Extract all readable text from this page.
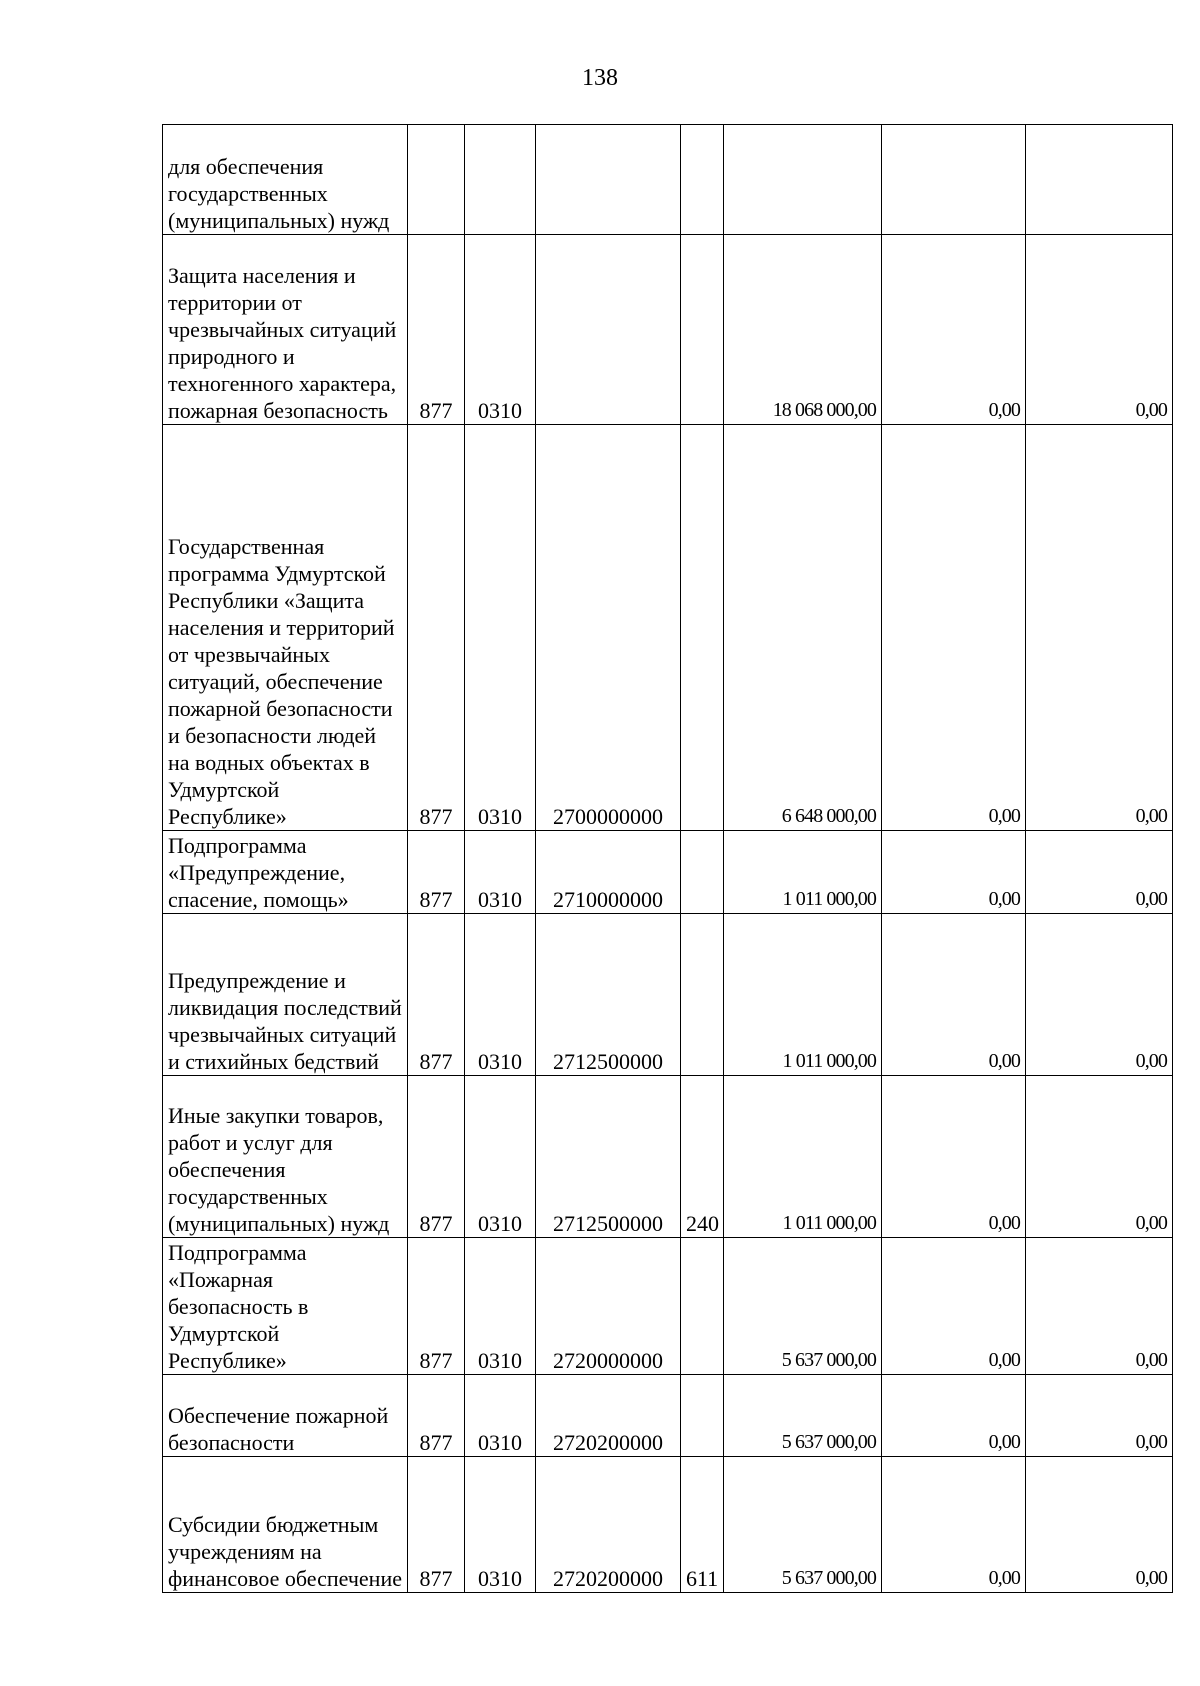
138
для обеспечения государственных (муниципальных) нужд							
Защита населения и территории от чрезвычайных ситуаций природного и техногенного характера, пожарная безопасность	877	0310			18 068 000,00	0,00	0,00
Государственная программа Удмуртской Республики «Защита населения и территорий от чрезвычайных ситуаций, обеспечение пожарной безопасности и безопасности людей на водных объектах в Удмуртской Республике»	877	0310	2700000000		6 648 000,00	0,00	0,00
Подпрограмма «Предупреждение, спасение, помощь»	877	0310	2710000000		1 011 000,00	0,00	0,00
Предупреждение и ликвидация последствий чрезвычайных ситуаций и стихийных бедствий	877	0310	2712500000		1 011 000,00	0,00	0,00
Иные закупки товаров, работ и услуг для обеспечения государственных (муниципальных) нужд	877	0310	2712500000	240	1 011 000,00	0,00	0,00
Подпрограмма «Пожарная безопасность в Удмуртской Республике»	877	0310	2720000000		5 637 000,00	0,00	0,00
Обеспечение пожарной безопасности	877	0310	2720200000		5 637 000,00	0,00	0,00
Субсидии бюджетным учреждениям на финансовое обеспечение	877	0310	2720200000	611	5 637 000,00	0,00	0,00
